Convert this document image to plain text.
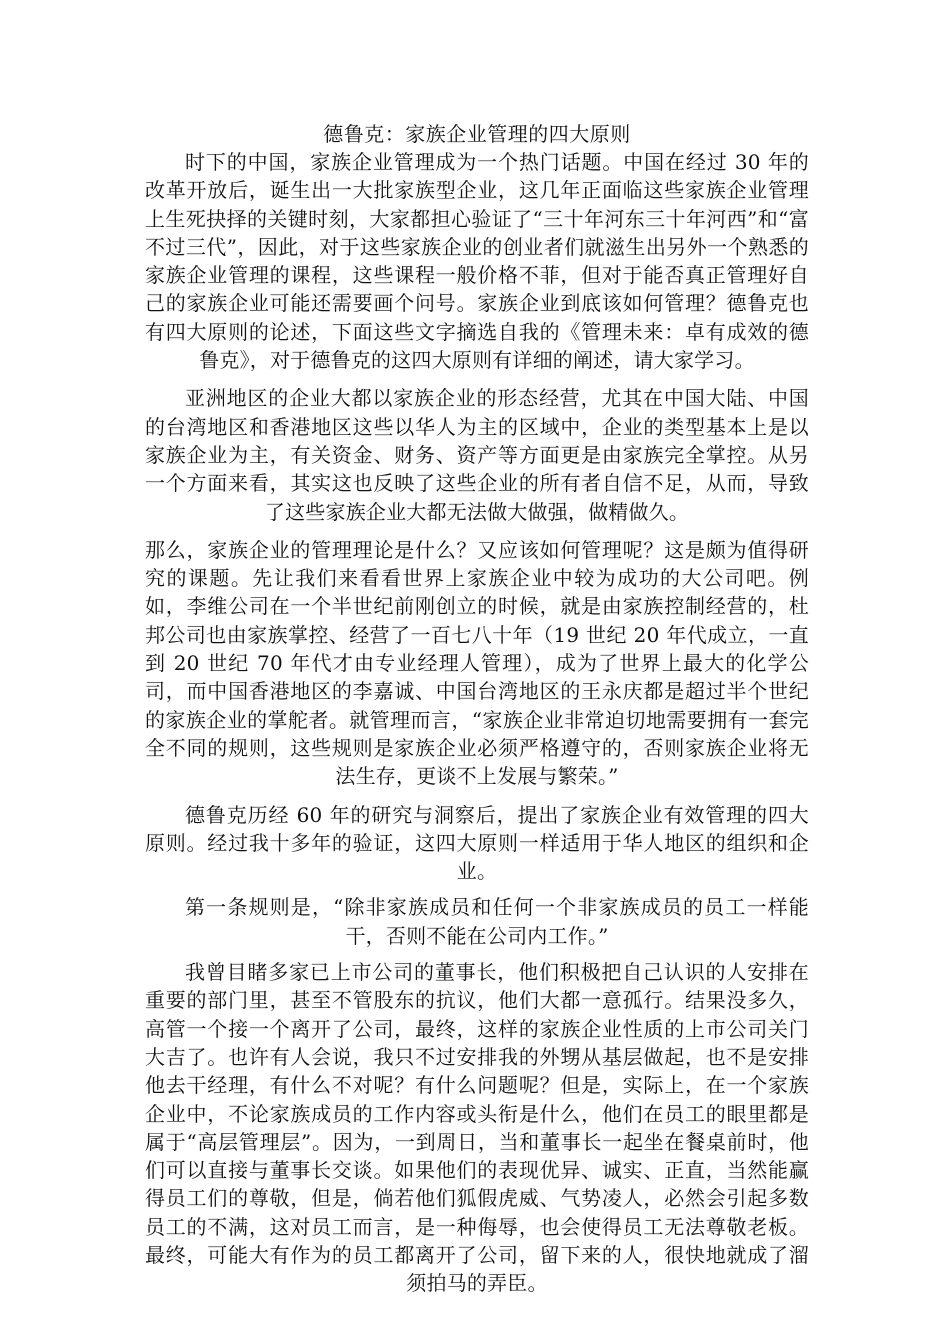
德鲁克：家族企业管理的四大原则

时下的中国，家族企业管理成为一个热门话题。中国在经过 30 年的改革开放后，诞生出一大批家族型企业，这几年正面临这些家族企业管理上生死抉择的关键时刻，大家都担心验证了“三十年河东三十年河西”和“富不过三代”，因此，对于这些家族企业的创业者们就滋生出另外一个熟悉的家族企业管理的课程，这些课程一般价格不菲，但对于能否真正管理好自己的家族企业可能还需要画个问号。家族企业到底该如何管理？德鲁克也有四大原则的论述，下面这些文字摘选自我的《管理未来：卓有成效的德鲁克》，对于德鲁克的这四大原则有详细的阐述，请大家学习。

亚洲地区的企业大都以家族企业的形态经营，尤其在中国大陆、中国的台湾地区和香港地区这些以华人为主的区域中，企业的类型基本上是以家族企业为主，有关资金、财务、资产等方面更是由家族完全掌控。从另一个方面来看，其实这也反映了这些企业的所有者自信不足，从而，导致了这些家族企业大都无法做大做强，做精做久。

那么，家族企业的管理理论是什么？又应该如何管理呢？这是颇为值得研究的课题。先让我们来看看世界上家族企业中较为成功的大公司吧。例如，李维公司在一个半世纪前刚创立的时候，就是由家族控制经营的，杜邦公司也由家族掌控、经营了一百七八十年（19 世纪 20 年代成立，一直到 20 世纪 70 年代才由专业经理人管理），成为了世界上最大的化学公司，而中国香港地区的李嘉诚、中国台湾地区的王永庆都是超过半个世纪的家族企业的掌舵者。就管理而言，“家族企业非常迫切地需要拥有一套完全不同的规则，这些规则是家族企业必须严格遵守的，否则家族企业将无法生存，更谈不上发展与繁荣。”

德鲁克历经 60 年的研究与洞察后，提出了家族企业有效管理的四大原则。经过我十多年的验证，这四大原则一样适用于华人地区的组织和企业。

第一条规则是，“除非家族成员和任何一个非家族成员的员工一样能干，否则不能在公司内工作。”

我曾目睹多家已上市公司的董事长，他们积极把自己认识的人安排在重要的部门里，甚至不管股东的抗议，他们大都一意孤行。结果没多久，高管一个接一个离开了公司，最终，这样的家族企业性质的上市公司关门大吉了。也许有人会说，我只不过安排我的外甥从基层做起，也不是安排他去干经理，有什么不对呢？有什么问题呢？但是，实际上，在一个家族企业中，不论家族成员的工作内容或头衔是什么，他们在员工的眼里都是属于“高层管理层”。因为，一到周日，当和董事长一起坐在餐桌前时，他们可以直接与董事长交谈。如果他们的表现优异、诚实、正直，当然能赢得员工们的尊敬，但是，倘若他们狐假虎威、气势凌人，必然会引起多数员工的不满，这对员工而言，是一种侮辱，也会使得员工无法尊敬老板。最终，可能大有作为的员工都离开了公司，留下来的人，很快地就成了溜须拍马的弄臣。
